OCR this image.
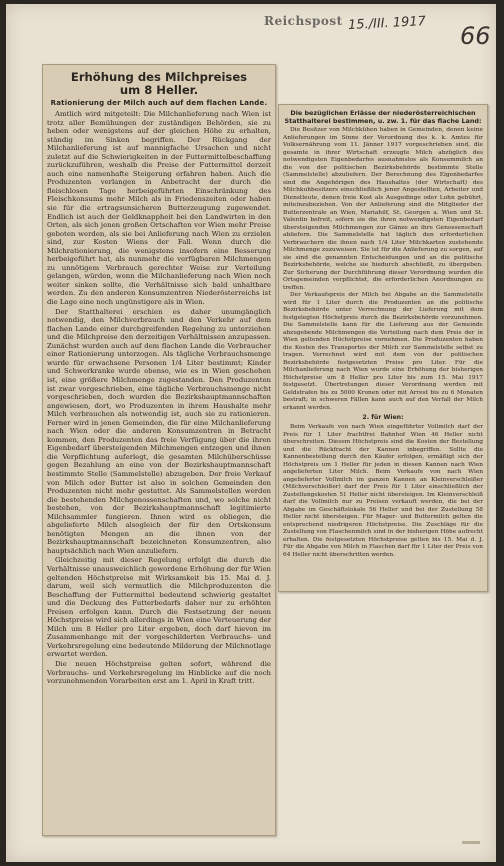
Reichspost 15./III. 1917 66
Erhöhung des Milchpreises
um 8 Heller.
Rationierung der Milch auch auf dem flachen Lande.

Amtlich wird mitgeteilt: Die Milchanlieferung nach Wien ist trotz aller Bemühungen der zuständigen Behörden, sie zu heben oder wenigstens auf der gleichen Höhe zu erhalten, ständig im Sinken begriffen. Der Rückgang der Milchanlieferung ist auf mannigfache Ursachen und nicht zuletzt auf die Schwierigkeiten in der Futtermittelbeschaffung zurückzuführen, weshalb die Preise der Futtermittel derzeit auch eine namenhafte Steigerung erfahren haben. Auch die Produzenten verlangen in Anbetracht der durch die fleischlosen Tage herbeigeführten Einschränkung des Fleischkonsums mehr Milch als in Friedenszeiten oder haben sie für die ertragsunsicheren Butterzeugung zugewendet. Endlich ist auch der Geldknappheit bei den Landwirten in den Orten, als sich jenen großen Ortschaften vor Wien mehr Preise geboten werden, als sie bei Anlieferung nach Wien zu erzielen sind, zur Kosten Wiens der Fall. Wenn durch die Milchrationierung, die wenigstens insofern eine Besserung herbeigeführt hat, als nunmehr die verfügbaren Milchmengen zu unnötigem Verbrauch gerechter Weise zur Verteilung gelangen, würden, wenn die Milchanlieferung nach Wien noch weiter sinken sollte, die Verhältnisse sich bald unhaltbare werden. Zu den anderen Konsumzentren Niederösterreichs ist die Lage eine noch ungünstigere als in Wien.

Der Statthalterei erschien es daher unumgänglich notwendig, den Milchverbrauch und den Verkehr auf dem flachen Lande einer durchgreifenden Regelung zu unterziehen und die Milchpreise den derzeitigen Verhältnissen anzupassen. Zunächst wurden auch auf dem flachen Lande die Verbraucher einer Rationierung unterzogen. Als tägliche Verbrauchsmenge wurde für erwachsene Personen 1/4 Liter bestimmt; Kinder und Schwerkranke wurde ebenso, wie es in Wien geschehen ist, eine größere Milchmenge zugestanden. Den Produzenten ist zwar vorgeschrieben, eine tägliche Verbrauchsmenge nicht vorgeschrieben, doch wurden die Bezirkshauptmannschaften angewiesen, dort, wo Produzenten in ihrem Haushalte mehr Milch verbrauchen als notwendig ist, auch sie zu rationieren. Ferner wird in jenen Gemeinden, die für eine Milchanlieferung nach Wien oder die anderen Konsumzentren in Betracht kommen, den Produzenten das freie Verfügung über die ihren Eigenbedarf übersteigenden Milchmengen entzogen und ihnen die Verpflichtung auferlegt, die gesamten Milchüberschüsse gegen Bezahlung an eine von der Bezirkshauptmannschaft bestimmte Stelle (Sammelstelle) abzugeben. Der freie Verkauf von Milch oder Butter ist also in solchen Gemeinden den Produzenten nicht mehr gestattet. Als Sammelstellen werden die bestehenden Milchgenossenschaften und, wo solche nicht bestehen, von der Bezirkshauptmannschaft legitimierte Milchsammler fungieren. Ihnen wird es obliegen, die abgelieferte Milch alsogleich der für den Ortskonsum benötigten Mengen an die ihnen von der Bezirkshauptmannschaft bezeichneten Konsumzentren, also hauptsächlich nach Wien anzuliefern.

Gleichzeitig mit dieser Regelung erfolgt die durch die Verhältnisse unausweichlich gewordene Erhöhung der für Wien geltenden Höchstpreise mit Wirksamkeit bis 15. Mai d. J. darum, weil sich vermutlich die Milchproduzenten die Beschaffung der Futtermittel bedeutend schwierig gestaltet und die Deckung des Futterbedarfs daher nur zu erhöhten Preisen erfolgen kann. Durch die Festsetzung der neuen Höchstpreise wird sich allerdings in Wien eine Verteuerung der Milch um 8 Heller pro Liter ergeben, doch darf hievon im Zusammenhange mit der vorgeschilderten Verbrauchs- und Verkehrsregelung eine bedeutende Milderung der Milchnotlage erwartet werden.

Die neuen Höchstpreise gelten sofort, während die Verbrauchs- und Verkehrsregelung im Hinblicke auf die noch vorzunehmenden Vorarbeiten erst am 1. April in Kraft tritt.

Die bezüglichen Erlässe der niederösterreichischen Statthalterei bestimmen, u. zw. 1. für das flache Land:

Die Besitzer von Milchkühen haben in Gemeinden, denen keine Anlieferungen im Sinne der Verordnung des k. k. Amtes für Volksernährung vom 11. Jänner 1917 vorgeschrieben sind, die gesamte in ihrer Wirtschaft erzeugte Milch abzüglich des notwendigsten Eigenbedarfes ausnahmslos als Konsummilch an die von der politischen Bezirksbehörde bestimmte Stelle (Sammelstelle) abzuliefern. Der Berechnung des Eigenbedarfes sind die Angehörigen des Haushaltes (der Wirtschaft) des Milchkuhbesitzers einschließlich jener Angestellten, Arbeiter und Dienstleute, denen freie Kost als Ausgedinge oder Lohn gebührt, miteinzubeziehen. Von der Anlieferung sind die Mitglieder der Butterzentrale an Wien, Mariahilf, St. Georgen a. Wien und St. Valentin befreit, sofern sie die ihren notwendigsten Eigenbedarf übersteigenden Milchmengen zur Gänze an ihre Genossenschaft abliefern. Die Sammelstelle hat täglich den erforderlichen Verbrauchern die ihnen nach 1/4 Liter Milchkarten zustehende Milchmenge zuzuweisen. Sie ist für die Anlieferung zu sorgen, auf sie sind die genannten Entscheidungen und an die politische Bezirksbehörde, welche sie hiedurch abschließt, zu übergeben. Zur Sicherung der Durchführung dieser Verordnung wurden die Ortsgemeinden verpflichtet, die erforderlichen Anordnungen zu treffen.

Der Verkaufspreis der Milch bei Abgabe an die Sammelstelle wird für 1 Liter durch die Produzenten an die politische Bezirksbehörde unter Verrechnung der Lieferung mit dem festgelegten Höchstpreis durch die Bezirksbehörde vorzunehmen. Die Sammelstelle kann für die Lieferung aus der Gemeinde abzugebende Milchmengen die Verteilung nach dem Preis der in Wien geltenden Höchstpreise vornehmen. Die Produzenten haben die Kosten des Transportes der Milch zur Sammelstelle selbst zu tragen. Verrechnet wird mit dem von der politischen Bezirksbehörde festgesetzten Preise pro Liter. Für die Milchanlieferung nach Wien wurde eine Erhöhung der bisherigen Höchstpreise um 8 Heller pro Liter bis zum 15. Mai 1917 festgesetzt. Übertretungen dieser Verordnung werden mit Geldstrafen bis zu 5000 Kronen oder mit Arrest bis zu 6 Monaten bestraft; in schweren Fällen kann auch auf den Verfall der Milch erkannt werden.

2. für Wien:

Beim Verkaufe von nach Wien eingeführter Vollmilch darf der Preis für 1 Liter frachtfrei Bahnhof Wien 46 Heller nicht überschreiten. Diesem Höchstpreis sind die Kosten der Bestellung und die Rückfracht der Kannen inbegriffen. Sollte die Kannenbestellung durch den Käufer erfolgen, ermäßigt sich der Höchstpreis um 1 Heller für jeden in diesen Kannen nach Wien angelieferten Liter Milch. Beim Verkaufe von nach Wien angelieferter Vollmilch im ganzen Kannen an Kleinverschleißer (Milchverschleißer) darf der Preis für 1 Liter einschließlich der Zustellungskosten 51 Heller nicht übersteigen. Im Kleinverschleiß darf die Vollmilch nur zu Preisen verkauft werden, die bei der Abgabe im Geschäftslokale 56 Heller und bei der Zustellung 58 Heller nicht übersteigen. Für Mager- und Buttermilch gelten die entsprechend niedrigeren Höchstpreise. Die Zuschläge für die Zustellung von Flaschenmilch sind in der bisherigen Höhe aufrecht erhalten. Die festgesetzten Höchstpreise gelten bis 15. Mai d. J. Für die Abgabe von Milch in Flaschen darf für 1 Liter der Preis von 64 Heller nicht überschritten werden.
